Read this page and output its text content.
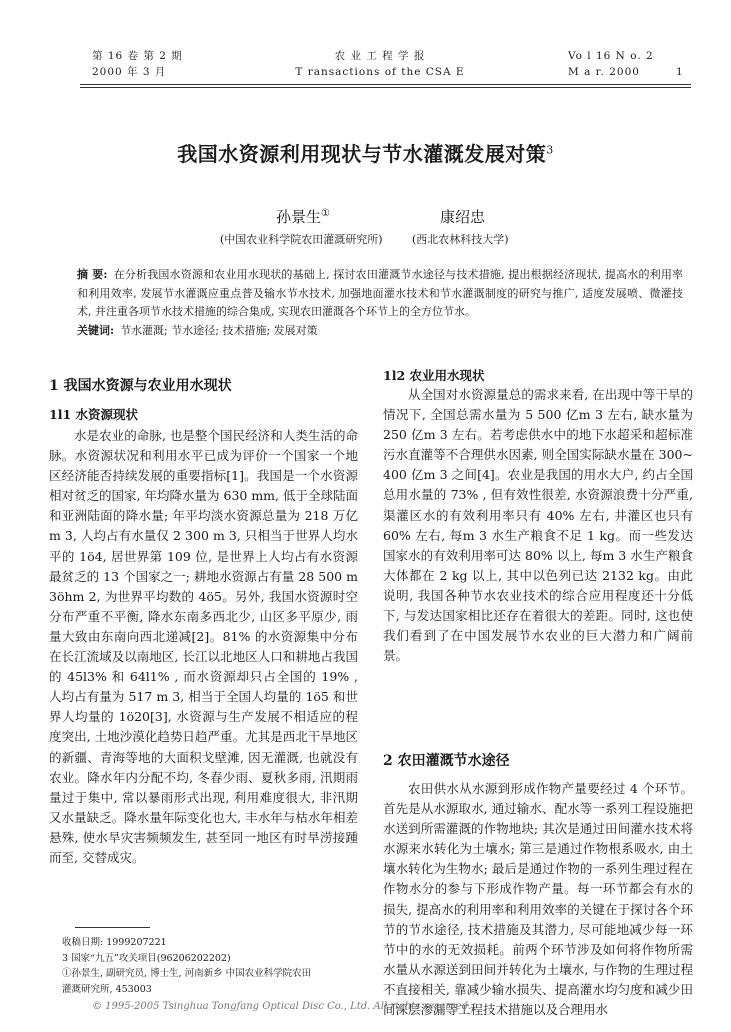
第 16 卷 第 2 期
2000 年 3 月
农 业 工 程 学 报
T ransactions of the CSA E
Vo l 16 N o. 2
M a r. 2000	1
我国水资源利用现状与节水灌溉发展对策$^3$
孙景生①	康绍忠
(中国农业科学院农田灌溉研究所)	(西北农林科技大学)
摘 要: 在分析我国水资源和农业用水现状的基础上, 探讨农田灌溉节水途径与技术措施, 提出根据经济现状, 提高水的利用率和利用效率, 发展节水灌溉应重点普及输水节水技术, 加强地面灌水技术和节水灌溉制度的研究与推广, 适度发展喷、微灌技术, 并注重各项节水技术措施的综合集成, 实现农田灌溉各个环节上的全方位节水。
关键词: 节水灌溉; 节水途径; 技术措施; 发展对策
1 我国水资源与农业用水现状
1l1 水资源现状

水是农业的命脉, 也是整个国民经济和人类生活的命脉。水资源状况和利用水平已成为评价一个国家一个地区经济能否持续发展的重要指标[1]。我国是一个水资源相对贫乏的国家, 年均降水量为 630 mm, 低于全球陆面和亚洲陆面的降水量; 年平均淡水资源总量为 218 万亿 m 3, 人均占有水量仅 2 300 m 3, 只相当于世界人均水平的 1ö4, 居世界第 109 位, 是世界上人均占有水资源最贫乏的 13 个国家之一; 耕地水资源占有量 28 500 m 3öhm 2, 为世界平均数的 4ö5。另外, 我国水资源时空分布严重不平衡, 降水东南多西北少, 山区多平原少, 雨量大致由东南向西北递减[2]。81% 的水资源集中分布在长江流域及以南地区, 长江以北地区人口和耕地占我国的 45l3% 和 64l1% , 而水资源却只占全国的 19% , 人均占有量为 517 m 3, 相当于全国人均量的 1ö5 和世界人均量的 1ö20[3], 水资源与生产发展不相适应的程度突出, 土地沙漠化趋势日趋严重。尤其是西北干旱地区的新疆、青海等地的大面积戈壁滩, 因无灌溉, 也就没有农业。降水年内分配不均, 冬春少雨、夏秋多雨, 汛期雨量过于集中, 常以暴雨形式出现, 利用难度很大, 非汛期又水量缺乏。降水量年际变化也大, 丰水年与枯水年相差悬殊, 使水旱灾害频频发生, 甚至同一地区有时旱涝接踵而至, 交替成灾。

1l2 农业用水现状

从全国对水资源量总的需求来看, 在出现中等干旱的情况下, 全国总需水量为 5 500 亿m 3 左右, 缺水量为 250 亿m 3 左右。若考虑供水中的地下水超采和超标准污水直灌等不合理供水因素, 则全国实际缺水量在 300~ 400 亿m 3 之间[4]。农业是我国的用水大户, 约占全国总用水量的 73% , 但有效性很差, 水资源浪费十分严重, 渠灌区水的有效利用率只有 40% 左右, 井灌区也只有 60% 左右, 每m 3 水生产粮食不足 1 kg。而一些发达国家水的有效利用率可达 80% 以上, 每m 3 水生产粮食大体都在 2 kg 以上, 其中以色列已达 2132 kg。由此说明, 我国各种节水农业技术的综合应用程度还十分低下, 与发达国家相比还存在着很大的差距。同时, 这也使我们看到了在中国发展节水农业的巨大潜力和广阔前景。

2 农田灌溉节水途径

农田供水从水源到形成作物产量要经过 4 个环节。首先是从水源取水, 通过输水、配水等一系列工程设施把水送到所需灌溉的作物地块; 其次是通过田间灌水技术将水源来水转化为土壤水; 第三是通过作物根系吸水, 由土壤水转化为生物水; 最后是通过作物的一系列生理过程在作物水分的参与下形成作物产量。每一环节都会有水的损失, 提高水的利用率和利用效率的关键在于探讨各个环节的节水途径, 技术措施及其潜力, 尽可能地减少每一环节中的水的无效损耗。前两个环节涉及如何将作物所需水量从水源送到田间并转化为土壤水, 与作物的生理过程不直接相关, 靠减少输水损失、提高灌水均匀度和减少田间深层渗漏等工程技术措施以及合理用水

收稿日期: 1999207221
3 国家“九五”攻关项目(96206202202)
①孙景生, 副研究员, 博士生, 河南新乡 中国农业科学院农田
灌溉研究所, 453003
© 1995-2005 Tsinghua Tongfang Optical Disc Co., Ltd. All rights reserved.
